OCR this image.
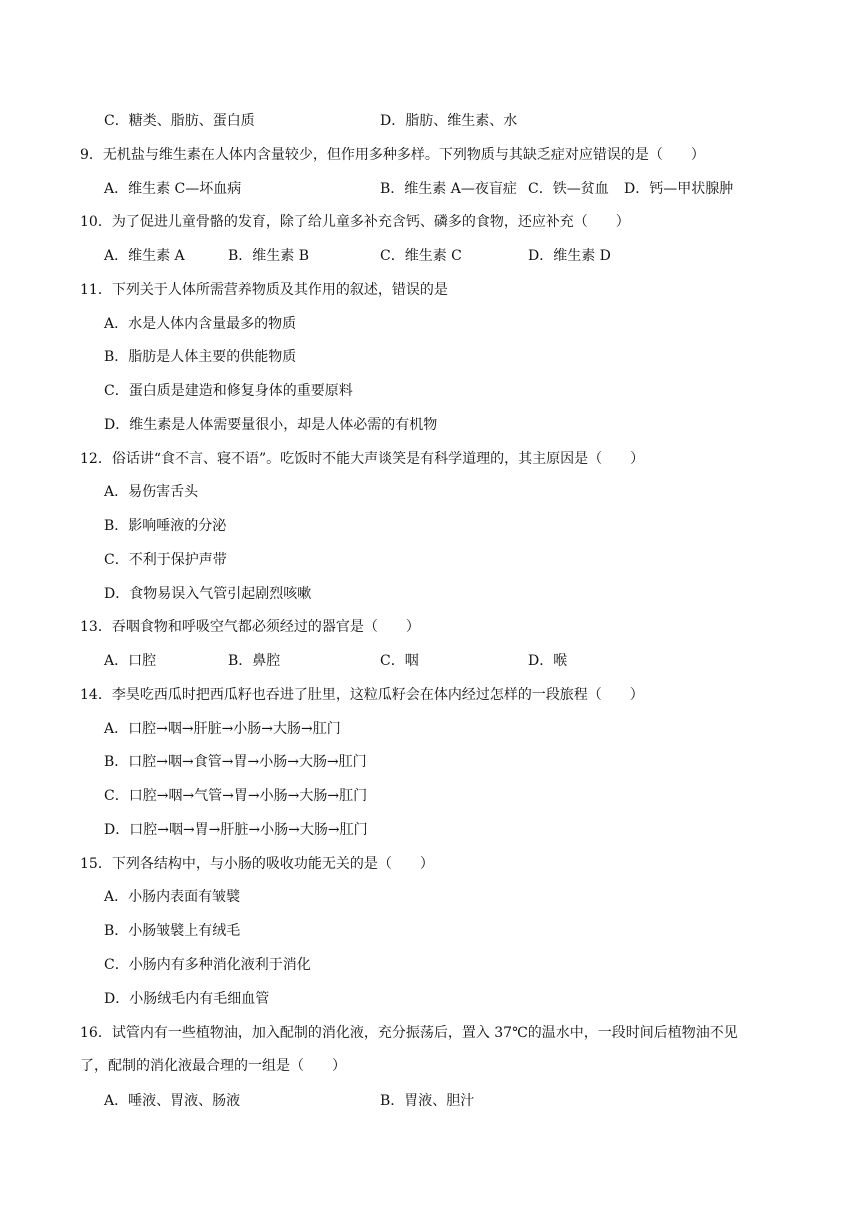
C．糖类、脂肪、蛋白质	D．脂肪、维生素、水
9．无机盐与维生素在人体内含量较少，但作用多种多样。下列物质与其缺乏症对应错误的是（　　）
A．维生素 C—坏血病	B．维生素 A—夜盲症 C．铁—贫血 D．钙—甲状腺肿
10．为了促进儿童骨骼的发育，除了给儿童多补充含钙、磷多的食物，还应补充（　　）
A．维生素 A	B．维生素 B	C．维生素 C	D．维生素 D
11．下列关于人体所需营养物质及其作用的叙述，错误的是
A．水是人体内含量最多的物质
B．脂肪是人体主要的供能物质
C．蛋白质是建造和修复身体的重要原料
D．维生素是人体需要量很小，却是人体必需的有机物
12．俗话讲“食不言、寝不语”。吃饭时不能大声谈笑是有科学道理的，其主原因是（　　）
A．易伤害舌头
B．影响唾液的分泌
C．不利于保护声带
D．食物易误入气管引起剧烈咳嗽
13．吞咽食物和呼吸空气都必须经过的器官是（　　）
A．口腔	B．鼻腔	C．咽	D．喉
14．李昊吃西瓜时把西瓜籽也吞进了肚里，这粒瓜籽会在体内经过怎样的一段旅程（　　）
A．口腔→咽→肝脏→小肠→大肠→肛门
B．口腔→咽→食管→胃→小肠→大肠→肛门
C．口腔→咽→气管→胃→小肠→大肠→肛门
D．口腔→咽→胃→肝脏→小肠→大肠→肛门
15．下列各结构中，与小肠的吸收功能无关的是（　　）
A．小肠内表面有皱襞
B．小肠皱襞上有绒毛
C．小肠内有多种消化液利于消化
D．小肠绒毛内有毛细血管
16．试管内有一些植物油，加入配制的消化液，充分振荡后，置入 37℃的温水中，一段时间后植物油不见
了，配制的消化液最合理的一组是（　　）
A．唾液、胃液、肠液	B．胃液、胆汁
